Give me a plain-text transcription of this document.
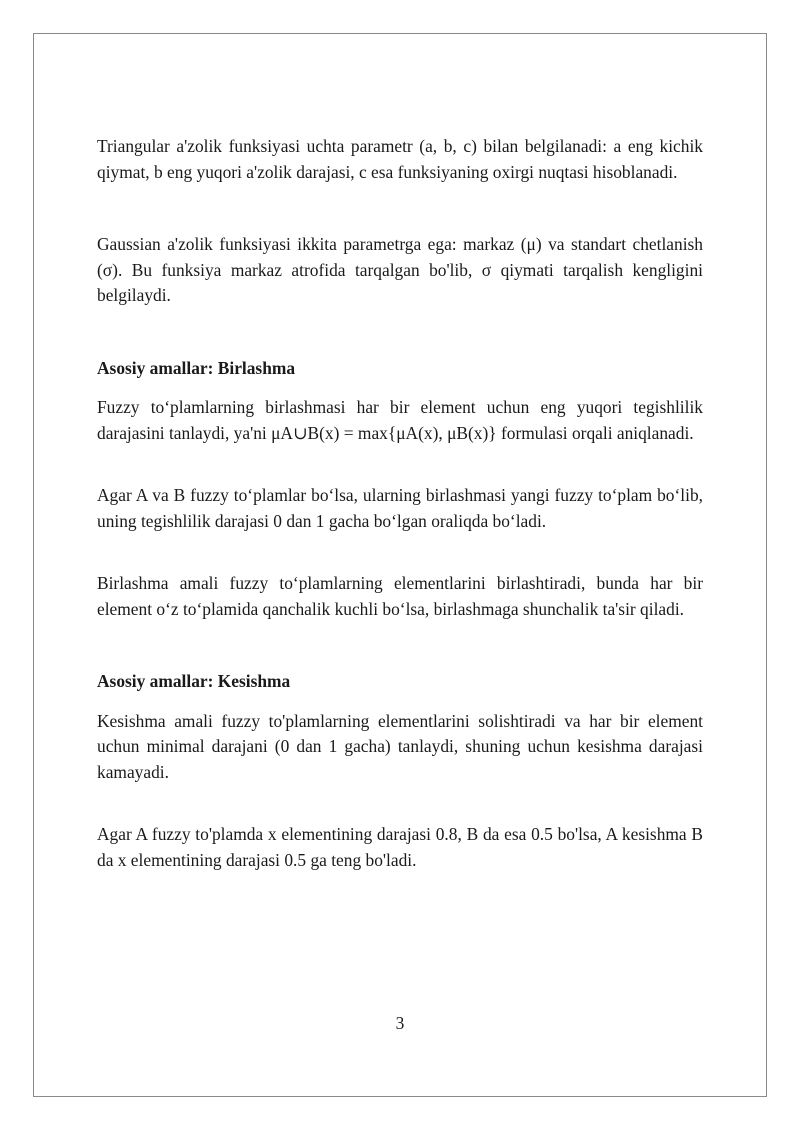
Triangular a'zolik funksiyasi uchta parametr (a, b, c) bilan belgilanadi: a eng kichik qiymat, b eng yuqori a'zolik darajasi, c esa funksiyaning oxirgi nuqtasi hisoblanadi.

Gaussian a'zolik funksiyasi ikkita parametrga ega: markaz (μ) va standart chetlanish (σ). Bu funksiya markaz atrofida tarqalgan bo'lib, σ qiymati tarqalish kengligini belgilaydi.

Asosiy amallar: Birlashma

Fuzzy to‘plamlarning birlashmasi har bir element uchun eng yuqori tegishlilik darajasini tanlaydi, ya'ni μA∪B(x) = max{μA(x), μB(x)} formulasi orqali aniqlanadi.

Agar A va B fuzzy to‘plamlar bo‘lsa, ularning birlashmasi yangi fuzzy to‘plam bo‘lib, uning tegishlilik darajasi 0 dan 1 gacha bo‘lgan oraliqda bo‘ladi.

Birlashma amali fuzzy to‘plamlarning elementlarini birlashtiradi, bunda har bir element o‘z to‘plamida qanchalik kuchli bo‘lsa, birlashmaga shunchalik ta'sir qiladi.

Asosiy amallar: Kesishma

Kesishma amali fuzzy to'plamlarning elementlarini solishtiradi va har bir element uchun minimal darajani (0 dan 1 gacha) tanlaydi, shuning uchun kesishma darajasi kamayadi.

Agar A fuzzy to'plamda x elementining darajasi 0.8, B da esa 0.5 bo'lsa, A kesishma B da x elementining darajasi 0.5 ga teng bo'ladi.

3
